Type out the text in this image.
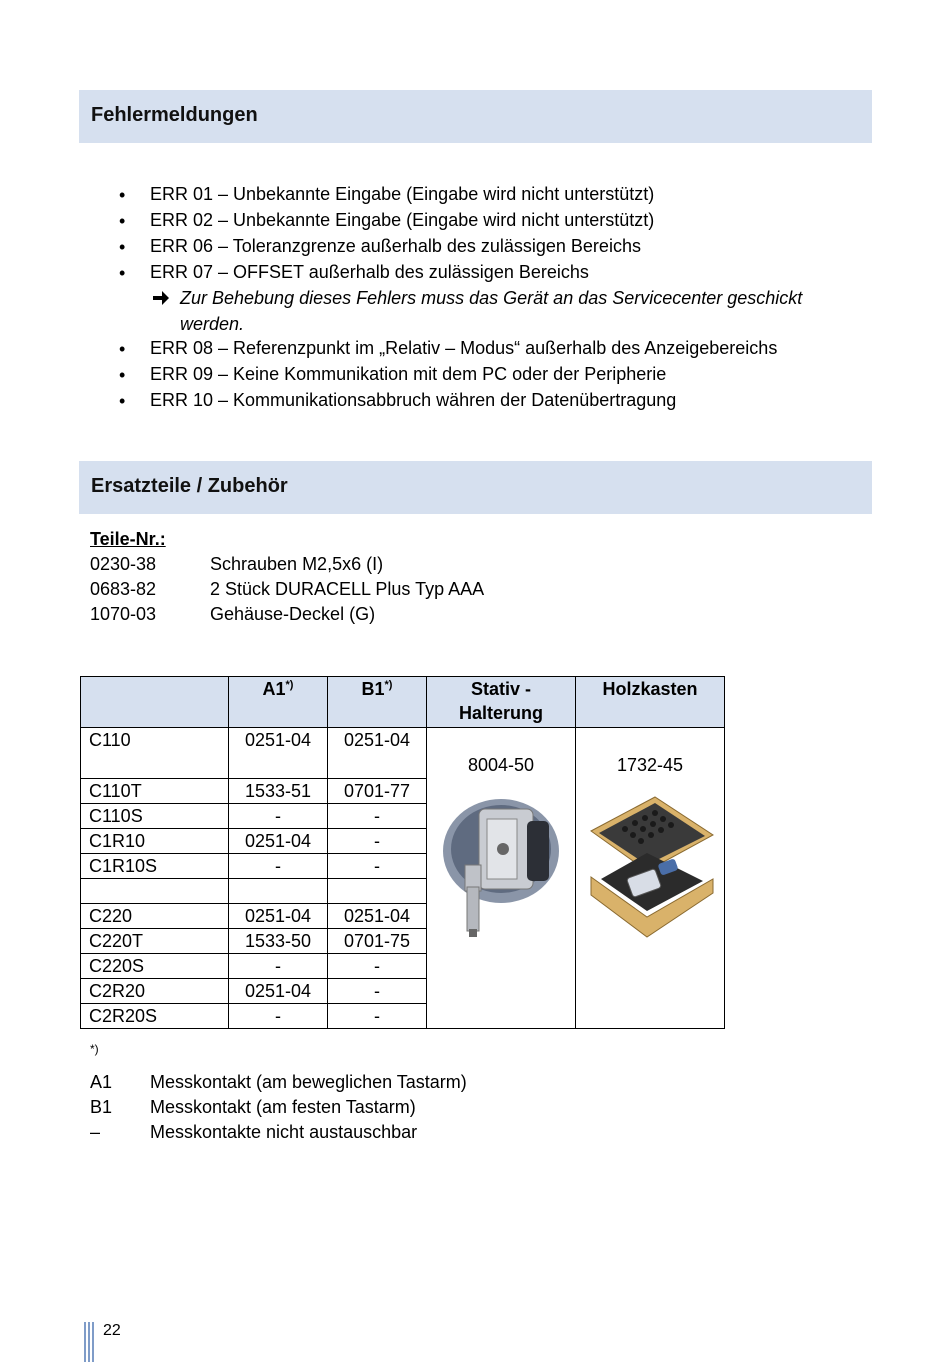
Fehlermeldungen
• ERR 01 – Unbekannte Eingabe (Eingabe wird nicht unterstützt)
• ERR 02 – Unbekannte Eingabe (Eingabe wird nicht unterstützt)
• ERR 06 – Toleranzgrenze außerhalb des zulässigen Bereichs
• ERR 07 – OFFSET außerhalb des zulässigen Bereichs
Zur Behebung dieses Fehlers muss das Gerät an das Servicecenter geschickt werden.
• ERR 08 – Referenzpunkt im „Relativ – Modus“ außerhalb des Anzeigebereichs
• ERR 09 – Keine Kommunikation mit dem PC oder der Peripherie
• ERR 10 – Kommunikationsabbruch währen der Datenübertragung
Ersatzteile / Zubehör
Teile-Nr.:
0230-38	Schrauben M2,5x6 (I)
0683-82	2 Stück DURACELL Plus Typ AAA
1070-03	Gehäuse-Deckel (G)
	A1*)	B1*)	Stativ - Halterung	Holzkasten
C110	0251-04	0251-04	8004-50	1732-45

C110T	1533-51	0701-77		
C110S	-	-		
C1R10	0251-04	-		
C1R10S	-	-		

C220	0251-04	0251-04		
C220T	1533-50	0701-75		
C220S	-	-		
C2R20	0251-04	-		
C2R20S	-	-		
*)
A1 Messkontakt (am beweglichen Tastarm)
B1 Messkontakt (am festen Tastarm)
–	Messkontakte nicht austauschbar
22
